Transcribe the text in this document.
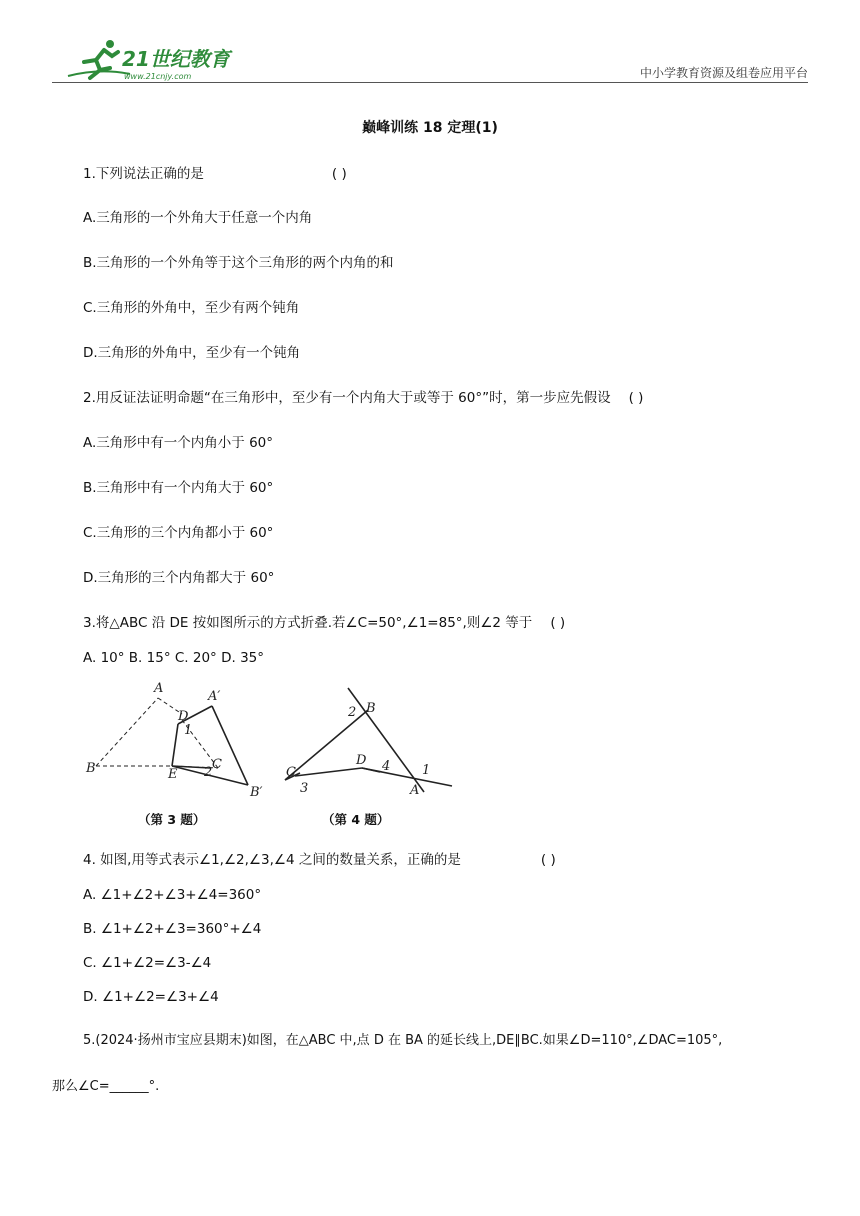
21世纪教育
www.21cnjy.com	中小学教育资源及组卷应用平台
巅峰训练 18 定理(1)
1.下列说法正确的是	( )
A.三角形的一个外角大于任意一个内角
B.三角形的一个外角等于这个三角形的两个内角的和
C.三角形的外角中，至少有两个钝角
D.三角形的外角中，至少有一个钝角
2.用反证法证明命题“在三角形中，至少有一个内角大于或等于 60°”时，第一步应先假设 ( )
A.三角形中有一个内角小于 60°
B.三角形中有一个内角大于 60°
C.三角形的三个内角都小于 60°
D.三角形的三个内角都大于 60°
3.将△ABC 沿 DE 按如图所示的方式折叠.若∠C=50°,∠1=85°,则∠2 等于 ( )
A. 10° B. 15° C. 20° D. 35°
A
A′
D
1
B	E 2
C
B′
2 B
D 4
C
3
1
A
（第 3 题）	（第 4 题）
4. 如图,用等式表示∠1,∠2,∠3,∠4 之间的数量关系，正确的是	( )
A. ∠1+∠2+∠3+∠4=360°
B. ∠1+∠2+∠3=360°+∠4
C. ∠1+∠2=∠3-∠4
D. ∠1+∠2=∠3+∠4
5.(2024·扬州市宝应县期末)如图，在△ABC 中,点 D 在 BA 的延长线上,DE∥BC.如果∠D=110°,∠DAC=105°,
那么∠C=______°.
